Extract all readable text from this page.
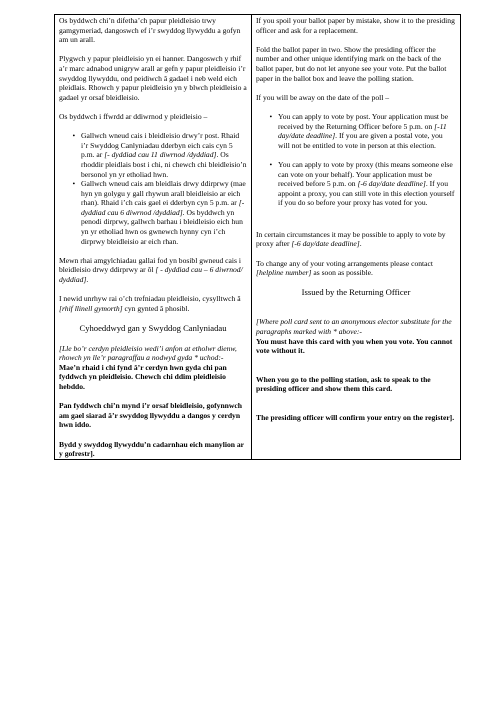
Os byddwch chi’n difetha’ch papur pleidleisio trwy gamgymeriad, dangoswch ef i’r swyddog llywyddu a gofyn am un arall.

Plygwch y papur pleidleisio yn ei hanner. Dangoswch y rhif a’r marc adnabod unigryw arall ar gefn y papur pleidleisio i’r swyddog llywyddu, ond peidiwch â gadael i neb weld eich pleidlais. Rhowch y papur pleidleisio yn y blwch pleidleisio a gadael yr orsaf bleidleisio.

Os byddwch i ffwrdd ar ddiwrnod y pleidleisio –

• Gallwch wneud cais i bleidleisio drwy’r post. Rhaid i’r Swyddog Canlyniadau dderbyn eich cais cyn 5 p.m. ar [- dyddiad cau 11 diwrnod /dyddiad]. Os rhoddir pleidlais bost i chi, ni chewch chi bleidleisio’n bersonol yn yr etholiad hwn.
• Gallwch wneud cais am bleidlais drwy ddirprwy (mae hyn yn golygu y gall rhywun arall bleidleisio ar eich rhan). Rhaid i’ch cais gael ei dderbyn cyn 5 p.m. ar [- dyddiad cau 6 diwrnod /dyddiad]. Os byddwch yn penodi dirprwy, gallwch barhau i bleidleisio eich hun yn yr etholiad hwn os gwnewch hynny cyn i’ch dirprwy bleidleisio ar eich rhan.

Mewn rhai amgylchiadau gallai fod yn bosibl gwneud cais i bleidleisio drwy ddirprwy ar ôl [ - dyddiad cau – 6 diwrnod/ dyddiad].

I newid unrhyw rai o’ch trefniadau pleidleisio, cysylltwch â [rhif llinell gymorth] cyn gynted â phosibl.

Cyhoeddwyd gan y Swyddog Canlyniadau

[Lle bo’r cerdyn pleidleisio wedi’i anfon at etholwr dienw, rhowch yn lle’r paragraffau a nodwyd gyda * uchod:-

Mae’n rhaid i chi fynd â’r cerdyn hwn gyda chi pan fyddwch yn pleidleisio. Chewch chi ddim pleidleisio hebddo.

Pan fyddwch chi’n mynd i’r orsaf bleidleisio, gofynnwch am gael siarad â’r swyddog llywyddu a dangos y cerdyn hwn iddo.

Bydd y swyddog llywyddu’n cadarnhau eich manylion ar y gofrestr].

If you spoil your ballot paper by mistake, show it to the presiding officer and ask for a replacement.

Fold the ballot paper in two. Show the presiding officer the number and other unique identifying mark on the back of the ballot paper, but do not let anyone see your vote. Put the ballot paper in the ballot box and leave the polling station.

If you will be away on the date of the poll –

• You can apply to vote by post. Your application must be received by the Returning Officer before 5 p.m. on [-11 day/date deadline]. If you are given a postal vote, you will not be entitled to vote in person at this election.
• You can apply to vote by proxy (this means someone else can vote on your behalf). Your application must be received before 5 p.m. on [-6 day/date deadline]. If you appoint a proxy, you can still vote in this election yourself if you do so before your proxy has voted for you.

In certain circumstances it may be possible to apply to vote by proxy after [-6 day/date deadline].

To change any of your voting arrangements please contact [helpline number] as soon as possible.

Issued by the Returning Officer

[Where poll card sent to an anonymous elector substitute for the paragraphs marked with * above:-

You must have this card with you when you vote. You cannot vote without it.

When you go to the polling station, ask to speak to the presiding officer and show them this card.

The presiding officer will confirm your entry on the register].
